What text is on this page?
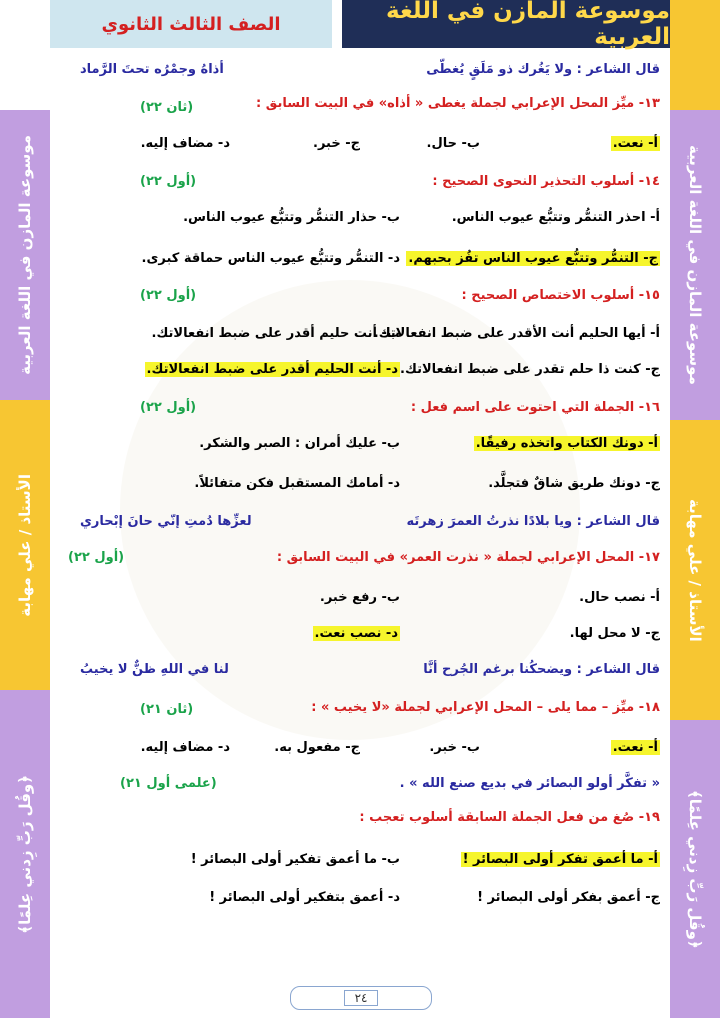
موسوعة المازن في اللغة العربية
الأستاذ / علي مهابة
﴿وقُل رَبِّ زِدني عِلمًا﴾
موسوعة المازن في اللغة العربية
الأستاذ / علي مهابة
﴿وقُل رَبِّ زِدني عِلمًا﴾
موسوعة المازن في اللغة العربية
الصف الثالث الثانوي
قال الشاعر : ولا يَغُرك ذو مَلَقٍ يُغطّى
أذاهُ وجمْرُه تحتَ الرَّماد
١٣- ميِّز المحل الإعرابي لجملة يغطى « أذاه» في البيت السابق :
(ثان ٢٢)
أ- نعت.
ب- حال.
ج- خبر.
د- مضاف إليه.
١٤- أسلوب التحذير النحوى الصحيح :
(أول ٢٢)
أ- احذر التنمُّر وتتبُّع عيوب الناس.
ب- حذار التنمُّر وتتبُّع عيوب الناس.
ج- التنمُّر وتتبُّع عيوب الناس تفُز بحبهم.
د- التنمُّر وتتبُّع عيوب الناس حماقة كبرى.
١٥- أسلوب الاختصاص الصحيح :
(أول ٢٢)
أ- أيها الحليم أنت الأقدر على ضبط انفعالاتك.
ب- أنت حليم أقدر على ضبط انفعالاتك.
ج- كنت ذا حلم تقدر على ضبط انفعالاتك.
د- أنت الحليم أقدر على ضبط انفعالاتك.
١٦- الجملة التي احتوت على اسم فعل :
(أول ٢٢)
أ- دونك الكتاب واتخذه رفيقًا.
ب- عليك أمران : الصبر والشكر.
ج- دونك طريق شاقٌ فتجلَّد.
د- أمامك المستقبل فكن متفائلاً.
قال الشاعر : ويا بلادًا نذرتُ العمرَ زهرتَه
لعزِّها دُمتِ إنّي حانَ إبْحاري
١٧- المحل الإعرابي لجملة « نذرت العمر» في البيت السابق :
(أول ٢٢)
أ- نصب حال.
ب- رفع خبر.
ج- لا محل لها.
د- نصب نعت.
قال الشاعر : ويضحكُنا برغم الجُرح أنَّا
لنا في اللهِ ظنٌّ لا يخيبُ
١٨- ميِّز – مما يلى – المحل الإعرابي لجملة «لا يخيب » :
(ثان ٢١)
أ- نعت.
ب- خبر.
ج- مفعول به.
د- مضاف إليه.
« تفكَّر أولو البصائر في بديع صنع الله » .
(علمى أول ٢١)
١٩- صُغ من فعل الجملة السابقة أسلوب تعجب :
أ- ما أعمق تفكر أولى البصائر !
ب- ما أعمق تفكير أولى البصائر !
ج- أعمق بفكر أولى البصائر !
د- أعمق بتفكير أولى البصائر !
٢٤
